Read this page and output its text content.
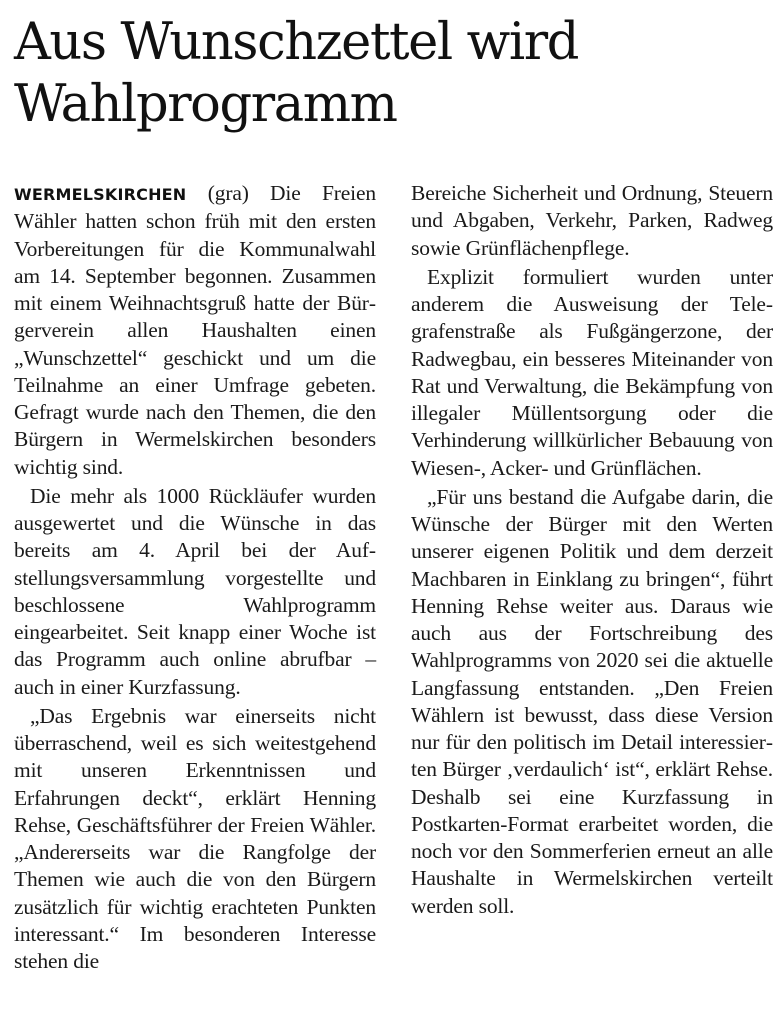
Aus Wunschzettel wird Wahlprogramm

WERMELSKIRCHEN (gra) Die Freien Wähler hatten schon früh mit den ersten Vorbereitungen für die Kommunalwahl am 14. September begonnen. Zusammen mit einem Weihnachtsgruß hatte der Bürgerverein allen Haushalten einen „Wunschzettel“ geschickt und um die Teilnahme an einer Umfrage gebeten. Gefragt wurde nach den Themen, die den Bürgern in Wermelskirchen besonders wichtig sind.

Die mehr als 1000 Rückläufer wurden ausgewertet und die Wünsche in das bereits am 4. April bei der Aufstellungsversammlung vorgestellte und beschlossene Wahlprogramm eingearbeitet. Seit knapp einer Woche ist das Programm auch online abrufbar – auch in einer Kurzfassung.

„Das Ergebnis war einerseits nicht überraschend, weil es sich weitestgehend mit unseren Erkenntnissen und Erfahrungen deckt“, erklärt Henning Rehse, Geschäftsführer der Freien Wähler. „Andererseits war die Rangfolge der Themen wie auch die von den Bürgern zusätzlich für wichtig erachteten Punkten interessant.“ Im besonderen Interesse stehen die

Bereiche Sicherheit und Ordnung, Steuern und Abgaben, Verkehr, Parken, Radweg sowie Grünflächenpflege.

Explizit formuliert wurden unter anderem die Ausweisung der Telegrafenstraße als Fußgängerzone, der Radwegbau, ein besseres Miteinander von Rat und Verwaltung, die Bekämpfung von illegaler Müllentsorgung oder die Verhinderung willkürlicher Bebauung von Wiesen-, Acker- und Grünflächen.

„Für uns bestand die Aufgabe darin, die Wünsche der Bürger mit den Werten unserer eigenen Politik und dem derzeit Machbaren in Einklang zu bringen“, führt Henning Rehse weiter aus. Daraus wie auch aus der Fortschreibung des Wahlprogramms von 2020 sei die aktuelle Langfassung entstanden. „Den Freien Wählern ist bewusst, dass diese Version nur für den politisch im Detail interessierten Bürger ‚verdaulich‘ ist“, erklärt Rehse. Deshalb sei eine Kurzfassung in Postkarten-Format erarbeitet worden, die noch vor den Sommerferien erneut an alle Haushalte in Wermelskirchen verteilt werden soll.
